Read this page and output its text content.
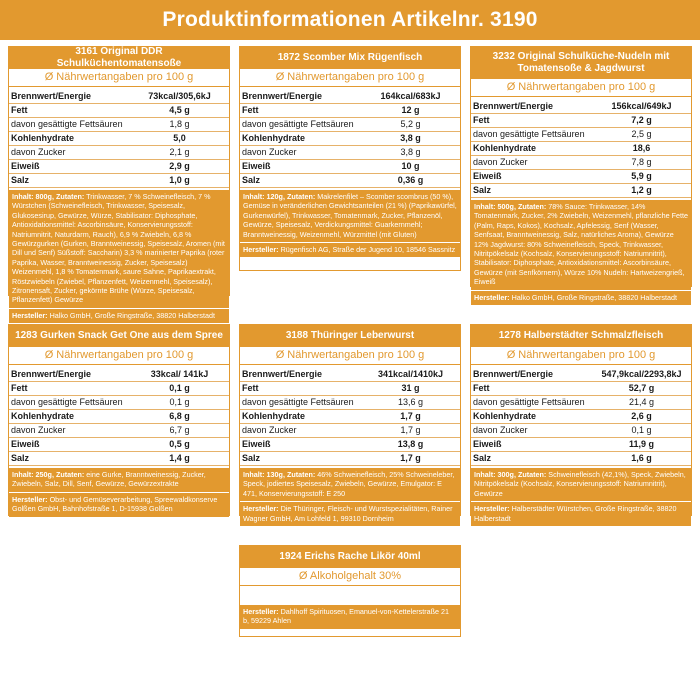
Produktinformationen Artikelnr. 3190
3161 Original DDR Schulküchentomatensoße
Ø Nährwertangaben pro 100 g
Brennwert/Energie	73kcal/305,6kJ
Fett	4,5 g
davon gesättigte Fettsäuren	1,8 g
Kohlenhydrate	5,0
davon Zucker	2,1 g
Eiweiß	2,9 g
Salz	1,0 g
Inhalt: 800g, Zutaten: Trinkwasser, 7 % Schweinefleisch, 7 % Würstchen (Schweinefleisch, Trinkwasser, Speisesalz, Glukosesirup, Gewürze, Würze, Stabilisator: Diphosphate, Antioxidationsmittel: Ascorbinsäure, Konservierungsstoff: Natriumnitrit, Naturdarm, Rauch), 6,9 % Zwiebeln, 6,8 % Gewürzgurken (Gurken, Branntweinessig, Speisesalz, Aromen (mit Dill und Senf) Süßstoff: Saccharin) 3,3 % marinierter Paprika (roter Paprika, Wasser, Branntweinessig, Zucker, Speisesalz) Weizenmehl, 1,8 % Tomatenmark, saure Sahne, Paprikaextrakt, Röstzwiebeln (Zwiebel, Pflanzenfett, Weizenmehl, Speisesalz), Zitronensaft, Zucker, gekörnte Brühe (Würze, Speisesalz, Pflanzenfett) Gewürze
Hersteller: Halko GmbH, Große Ringstraße, 38820 Halberstadt
1872 Scomber Mix Rügenfisch
Ø Nährwertangaben pro 100 g
Brennwert/Energie	164kcal/683kJ
Fett	12 g
davon gesättigte Fettsäuren	5,2 g
Kohlenhydrate	3,8 g
davon Zucker	3,8 g
Eiweiß	10 g
Salz	0,36 g
Inhalt: 120g, Zutaten: Makrelenfilet – Scomber scombrus (50 %), Gemüse in veränderlichen Gewichtsanteilen (21 %) (Paprikawürfel, Gurkenwürfel), Trinkwasser, Tomatenmark, Zucker, Pflanzenöl, Gewürze, Speisesalz, Verdickungsmittel: Guarkernmehl; Branntweinessig, Weizenmehl, Würzmittel (mit Gluten)
Hersteller: Rügenfisch AG, Straße der Jugend 10, 18546 Sassnitz
3232 Original Schulküche-Nudeln mit Tomatensoße & Jagdwurst
Ø Nährwertangaben pro 100 g
Brennwert/Energie	156kcal/649kJ
Fett	7,2 g
davon gesättigte Fettsäuren	2,5 g
Kohlenhydrate	18,6
davon Zucker	7,8 g
Eiweiß	5,9 g
Salz	1,2 g
Inhalt: 500g, Zutaten: 78% Sauce: Trinkwasser, 14% Tomatenmark, Zucker, 2% Zwiebeln, Weizenmehl, pflanzliche Fette (Palm, Raps, Kokos), Kochsalz, Apfelessig, Senf (Wasser, Senfsaat, Branntweinessig, Salz, natürliches Aroma), Gewürze 12% Jagdwurst: 80% Schweinefleisch, Speck, Trinkwasser, Nitritpökelsalz (Kochsalz, Konservierungsstoff: Natriumnitrit), Stabilisator: Diphosphate, Antioxidationsmittel: Ascorbinsäure, Gewürze (mit Senfkörnern), Würze 10% Nudeln: Hartweizengrieß, Eiweiß
Hersteller: Halko GmbH, Große Ringstraße, 38820 Halberstadt
1283 Gurken Snack Get One aus dem Spree
Ø Nährwertangaben pro 100 g
Brennwert/Energie	33kcal/ 141kJ
Fett	0,1 g
davon gesättigte Fettsäuren	0,1 g
Kohlenhydrate	6,8 g
davon Zucker	6,7 g
Eiweiß	0,5 g
Salz	1,4 g
Inhalt: 250g, Zutaten: eine Gurke, Branntweinessig, Zucker, Zwiebeln, Salz, Dill, Senf, Gewürze, Gewürzextrakte
Hersteller: Obst- und Gemüseverarbeitung, Spreewaldkonserve Golßen GmbH, Bahnhofstraße 1, D-15938 Golßen
3188 Thüringer Leberwurst
Ø Nährwertangaben pro 100 g
Brennwert/Energie	341kcal/1410kJ
Fett	31 g
davon gesättigte Fettsäuren	13,6 g
Kohlenhydrate	1,7 g
davon Zucker	1,7 g
Eiweiß	13,8 g
Salz	1,7 g
Inhalt: 130g, Zutaten: 46% Schweinefleisch, 25% Schweineleber, Speck, jodiertes Speisesalz, Zwiebeln, Gewürze, Emulgator: E 471, Konservierungsstoff: E 250
Hersteller: Die Thüringer, Fleisch- und Wurstspezialitäten, Rainer Wagner GmbH, Am Lohfeld 1, 99310 Dornheim
1278 Halberstädter Schmalzfleisch
Ø Nährwertangaben pro 100 g
Brennwert/Energie	547,9kcal/2293,8kJ
Fett	52,7 g
davon gesättigte Fettsäuren	21,4 g
Kohlenhydrate	2,6 g
davon Zucker	0,1 g
Eiweiß	11,9 g
Salz	1,6 g
Inhalt: 300g, Zutaten: Schweinefleisch (42,1%), Speck, Zwiebeln, Nitritpökelsalz (Kochsalz, Konservierungsstoff: Natriumnitrit), Gewürze
Hersteller: Halberstädter Würstchen, Große Ringstraße, 38820 Halberstadt
1924 Erichs Rache Likör 40ml
Ø Alkoholgehalt 30%
Hersteller: Dahlhoff Spirituosen, Emanuel-von-Kettelerstraße 21 b, 59229 Ahlen
